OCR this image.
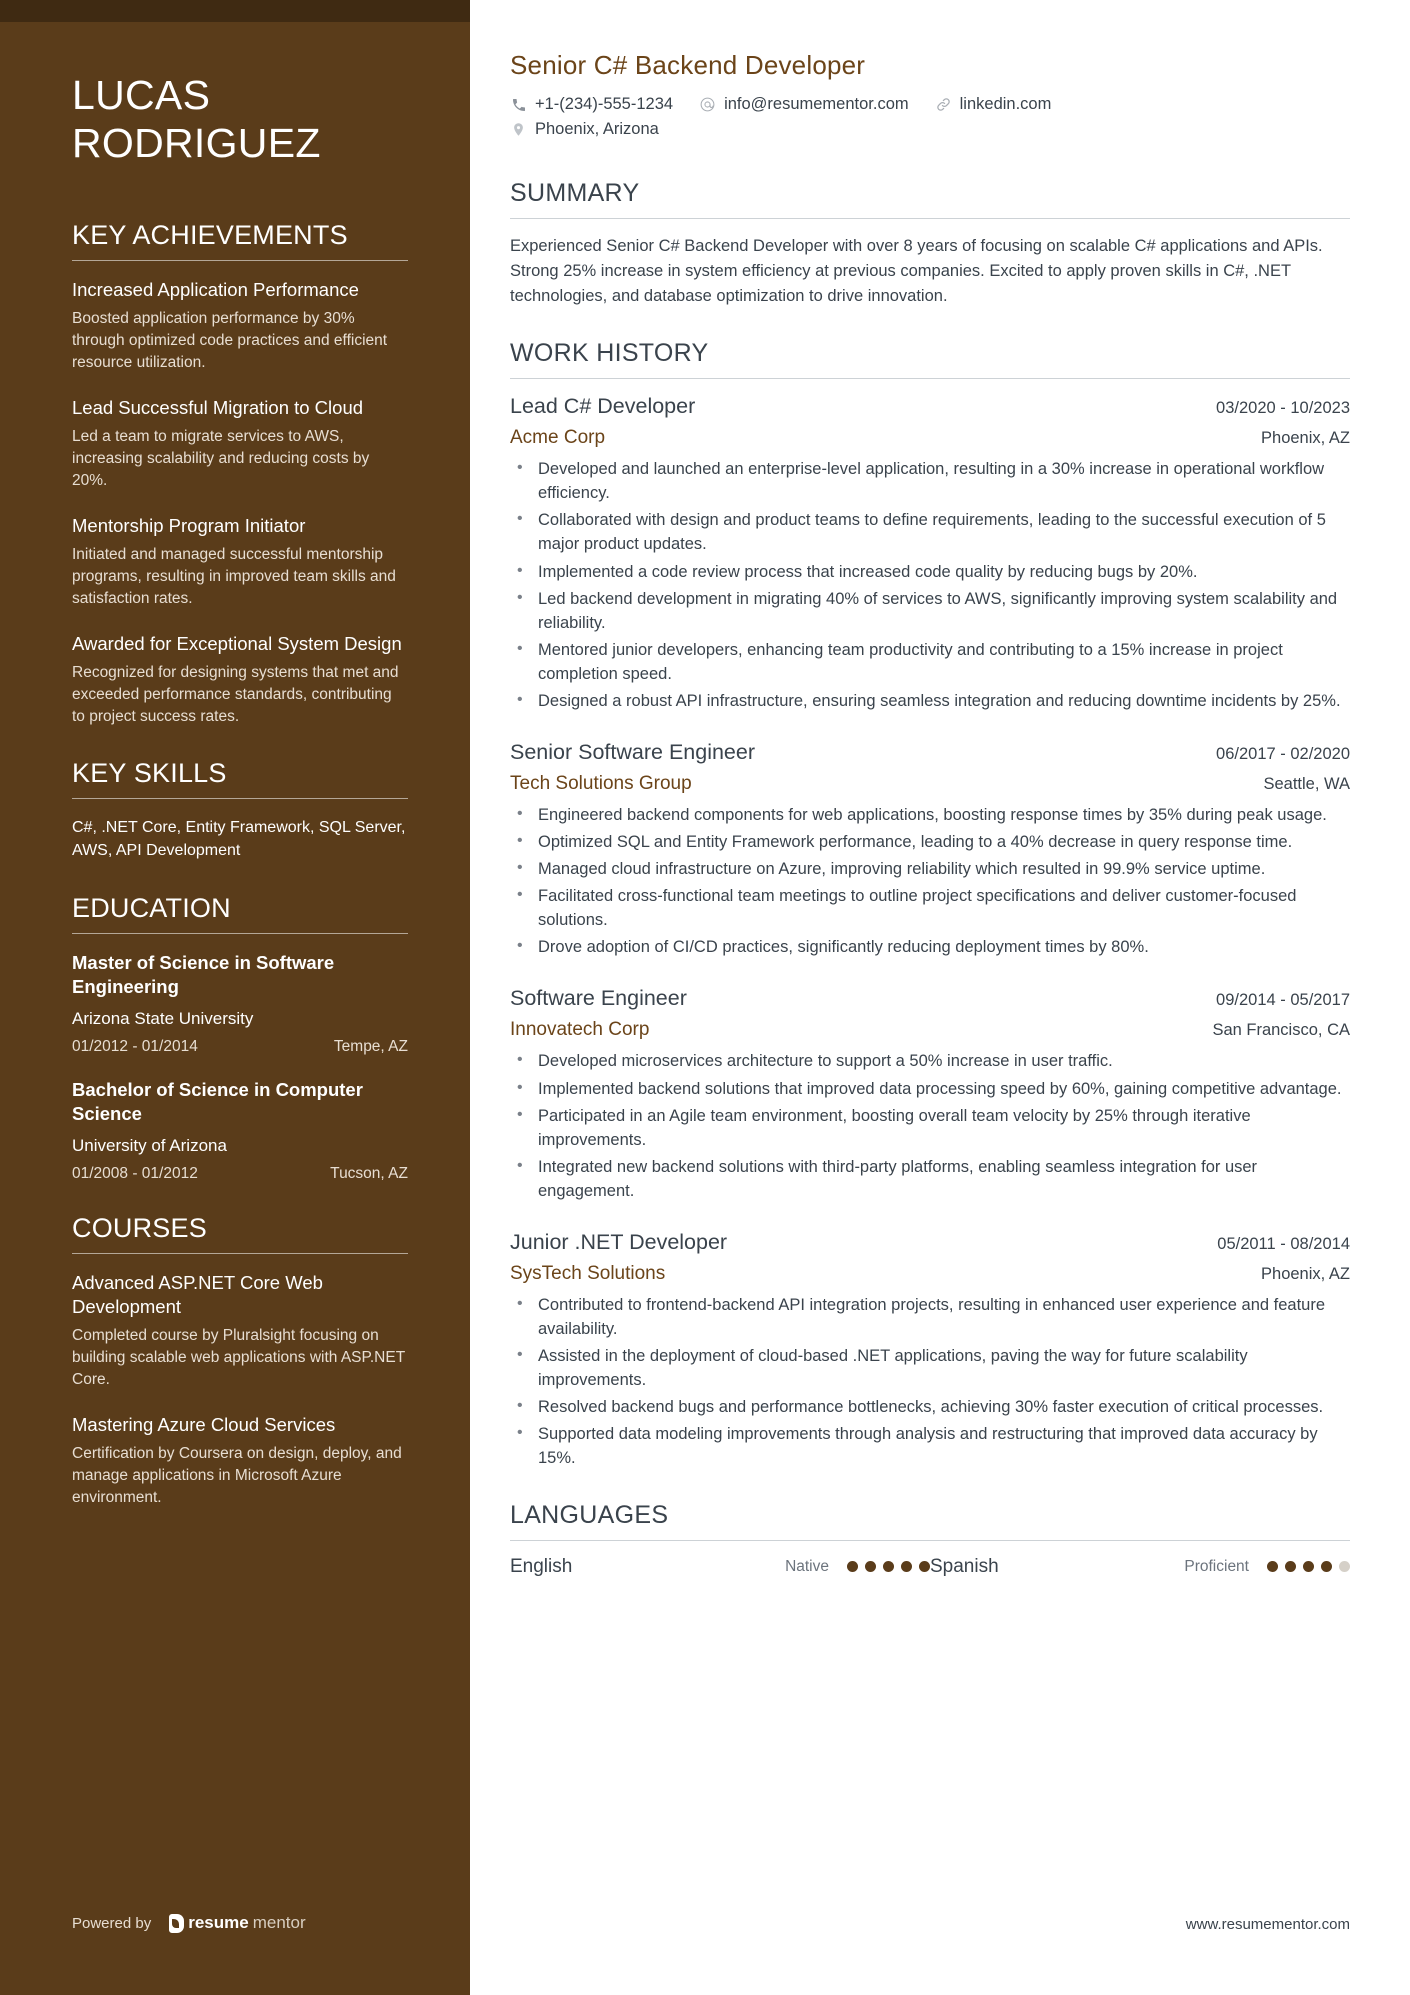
LUCAS
RODRIGUEZ
KEY ACHIEVEMENTS
Increased Application Performance
Boosted application performance by 30% through optimized code practices and efficient resource utilization.
Lead Successful Migration to Cloud
Led a team to migrate services to AWS, increasing scalability and reducing costs by 20%.
Mentorship Program Initiator
Initiated and managed successful mentorship programs, resulting in improved team skills and satisfaction rates.
Awarded for Exceptional System Design
Recognized for designing systems that met and exceeded performance standards, contributing to project success rates.
KEY SKILLS
C#, .NET Core, Entity Framework, SQL Server, AWS, API Development
EDUCATION
Master of Science in Software Engineering
Arizona State University
01/2012 - 01/2014	Tempe, AZ
Bachelor of Science in Computer Science
University of Arizona
01/2008 - 01/2012	Tucson, AZ
COURSES
Advanced ASP.NET Core Web Development
Completed course by Pluralsight focusing on building scalable web applications with ASP.NET Core.
Mastering Azure Cloud Services
Certification by Coursera on design, deploy, and manage applications in Microsoft Azure environment.
Powered by resume mentor
Senior C# Backend Developer
+1-(234)-555-1234	info@resumementor.com	linkedin.com
Phoenix, Arizona
SUMMARY

Experienced Senior C# Backend Developer with over 8 years of focusing on scalable C# applications and APIs. Strong 25% increase in system efficiency at previous companies. Excited to apply proven skills in C#, .NET technologies, and database optimization to drive innovation.

WORK HISTORY
Lead C# Developer	03/2020 - 10/2023
Acme Corp	Phoenix, AZ
• Developed and launched an enterprise-level application, resulting in a 30% increase in operational workflow efficiency.
• Collaborated with design and product teams to define requirements, leading to the successful execution of 5 major product updates.
• Implemented a code review process that increased code quality by reducing bugs by 20%.
• Led backend development in migrating 40% of services to AWS, significantly improving system scalability and reliability.
• Mentored junior developers, enhancing team productivity and contributing to a 15% increase in project completion speed.
• Designed a robust API infrastructure, ensuring seamless integration and reducing downtime incidents by 25%.
Senior Software Engineer	06/2017 - 02/2020
Tech Solutions Group	Seattle, WA
• Engineered backend components for web applications, boosting response times by 35% during peak usage.
• Optimized SQL and Entity Framework performance, leading to a 40% decrease in query response time.
• Managed cloud infrastructure on Azure, improving reliability which resulted in 99.9% service uptime.
• Facilitated cross-functional team meetings to outline project specifications and deliver customer-focused solutions.
• Drove adoption of CI/CD practices, significantly reducing deployment times by 80%.
Software Engineer	09/2014 - 05/2017
Innovatech Corp	San Francisco, CA
• Developed microservices architecture to support a 50% increase in user traffic.
• Implemented backend solutions that improved data processing speed by 60%, gaining competitive advantage.
• Participated in an Agile team environment, boosting overall team velocity by 25% through iterative improvements.
• Integrated new backend solutions with third-party platforms, enabling seamless integration for user engagement.
Junior .NET Developer	05/2011 - 08/2014
SysTech Solutions	Phoenix, AZ
• Contributed to frontend-backend API integration projects, resulting in enhanced user experience and feature availability.
• Assisted in the deployment of cloud-based .NET applications, paving the way for future scalability improvements.
• Resolved backend bugs and performance bottlenecks, achieving 30% faster execution of critical processes.
• Supported data modeling improvements through analysis and restructuring that improved data accuracy by 15%.
LANGUAGES
English	Native	Spanish	Proficient
www.resumementor.com
